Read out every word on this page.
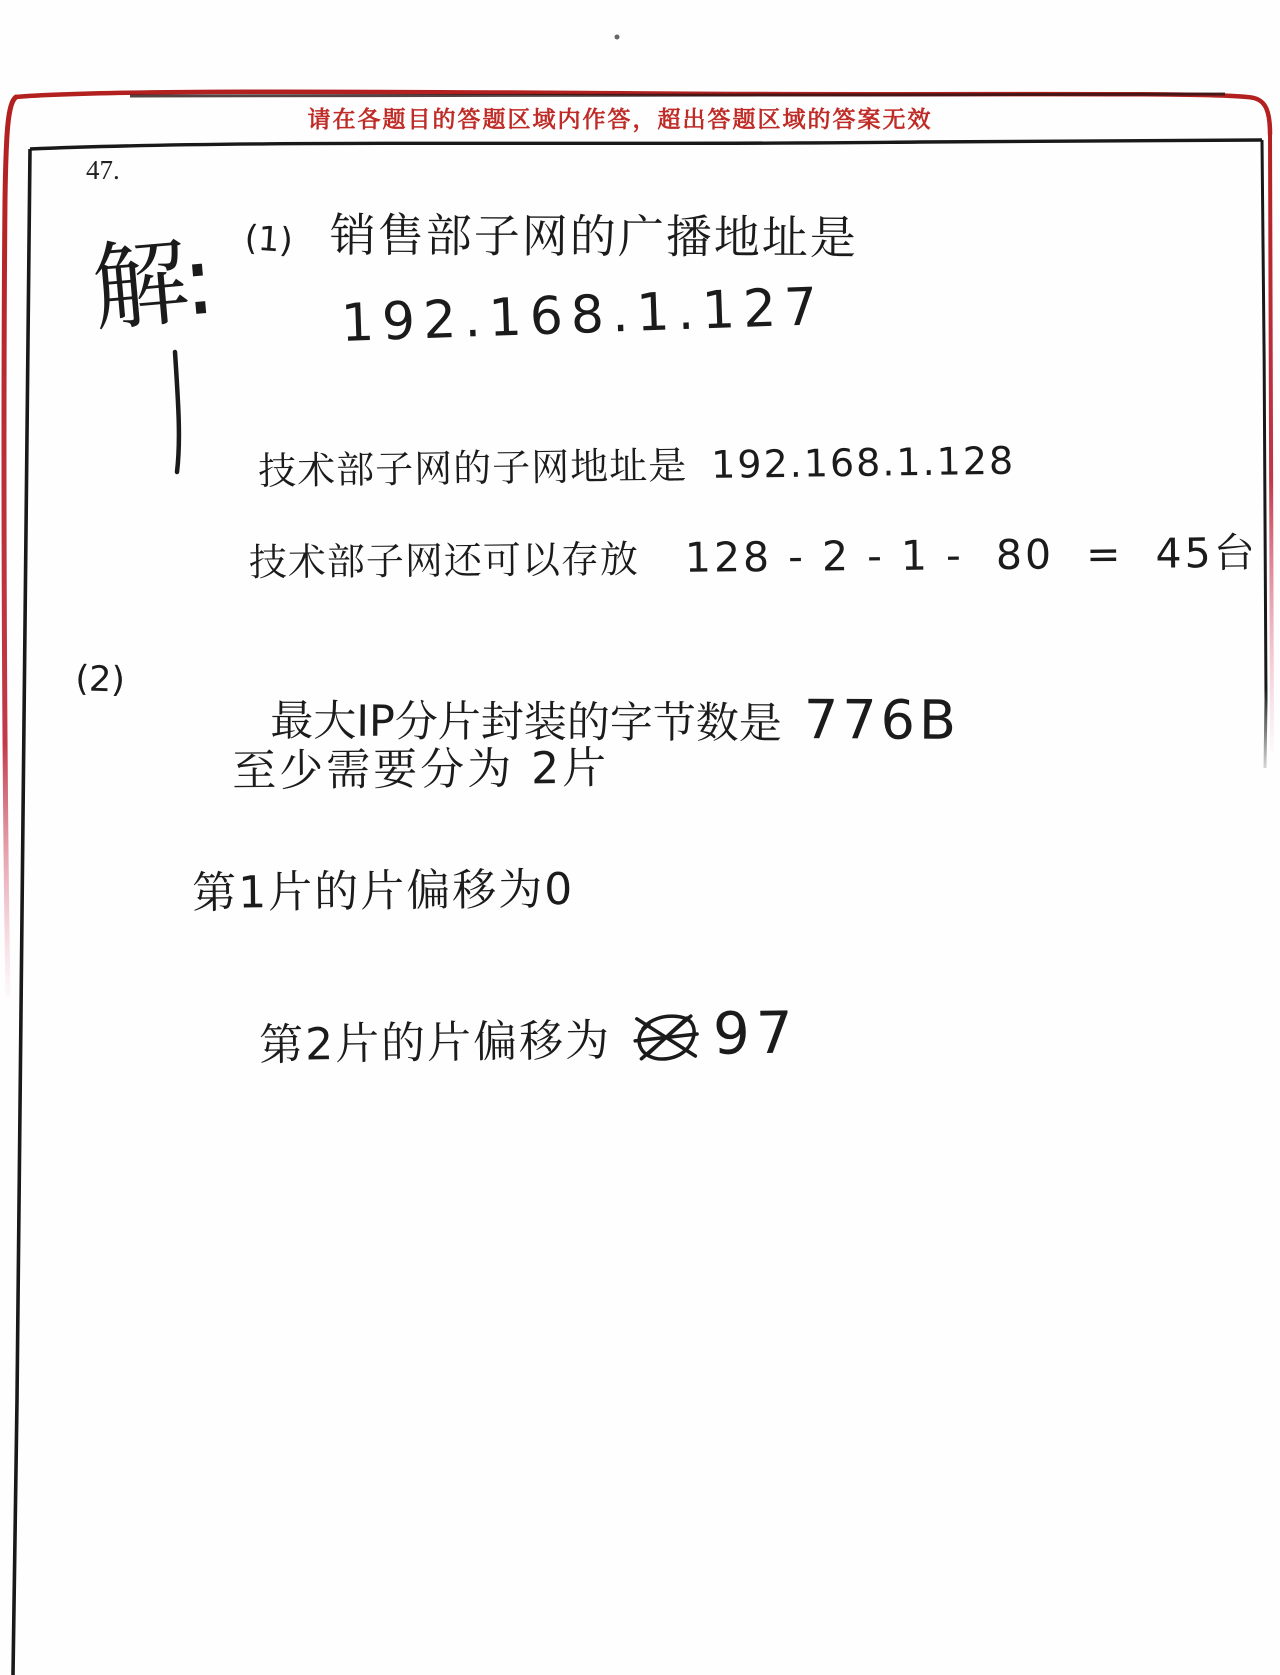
请在各题目的答题区域内作答，超出答题区域的答案无效
47.
解: (1) 销售部子网的广播地址是
192.168.1.127

技术部子网的子网地址是 192.168.1.128

技术部子网还可以存放 128 - 2 - 1 -  80  =  45台

(2)

最大IP分片封装的字节数是 776B

至少需要分为 2片
第1片的片偏移为0

第2片的片偏移为 97
